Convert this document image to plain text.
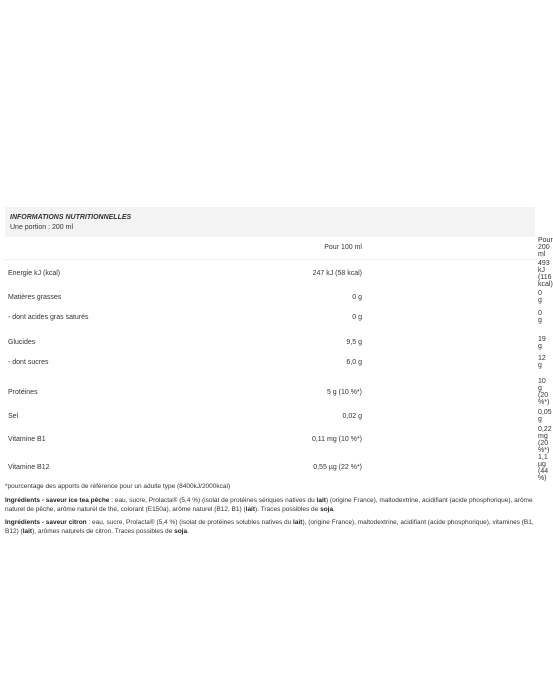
INFORMATIONS NUTRITIONNELLES
Une portion : 200 ml
	Pour 100 ml	Pour 200 ml
Energie kJ (kcal)	247 kJ (58 kcal)	493 kJ (116 kcal)
Matières grasses	0 g	0 g
- dont acides gras saturés	0 g	0 g

Glucides	9,5 g	19 g
- dont sucres	6,0 g	12 g

Protéines	5 g (10 %*)	10 g (20 %*)
Sel	0,02 g	0,05 g
Vitamine B1	0,11 mg (10 %*)	0,22 mg (20 %*)
Vitamine B12	0,55 µg (22 %*)	1,1 µg (44 %)

*pourcentage des apports de référence pour un adulte type (8400kJ/2000kcal)

Ingrédients - saveur ice tea pêche : eau, sucre, Prolacta® (5,4 %) (isolat de protéines sériques natives du lait) (origine France), maltodextrine, acidifiant (acide phosphorique), arôme naturel de pêche, arôme naturel de thé, colorant (E150a), arôme naturel (B12, B1) (lait). Traces possibles de soja.

Ingrédients - saveur citron : eau, sucre, Prolacta® (5,4 %) (isolat de protéines solubles natives du lait), (origine France), maltodextrine, acidifiant (acide phosphorique), vitamines (B1, B12) (lait), arômes naturels de citron. Traces possibles de soja.
